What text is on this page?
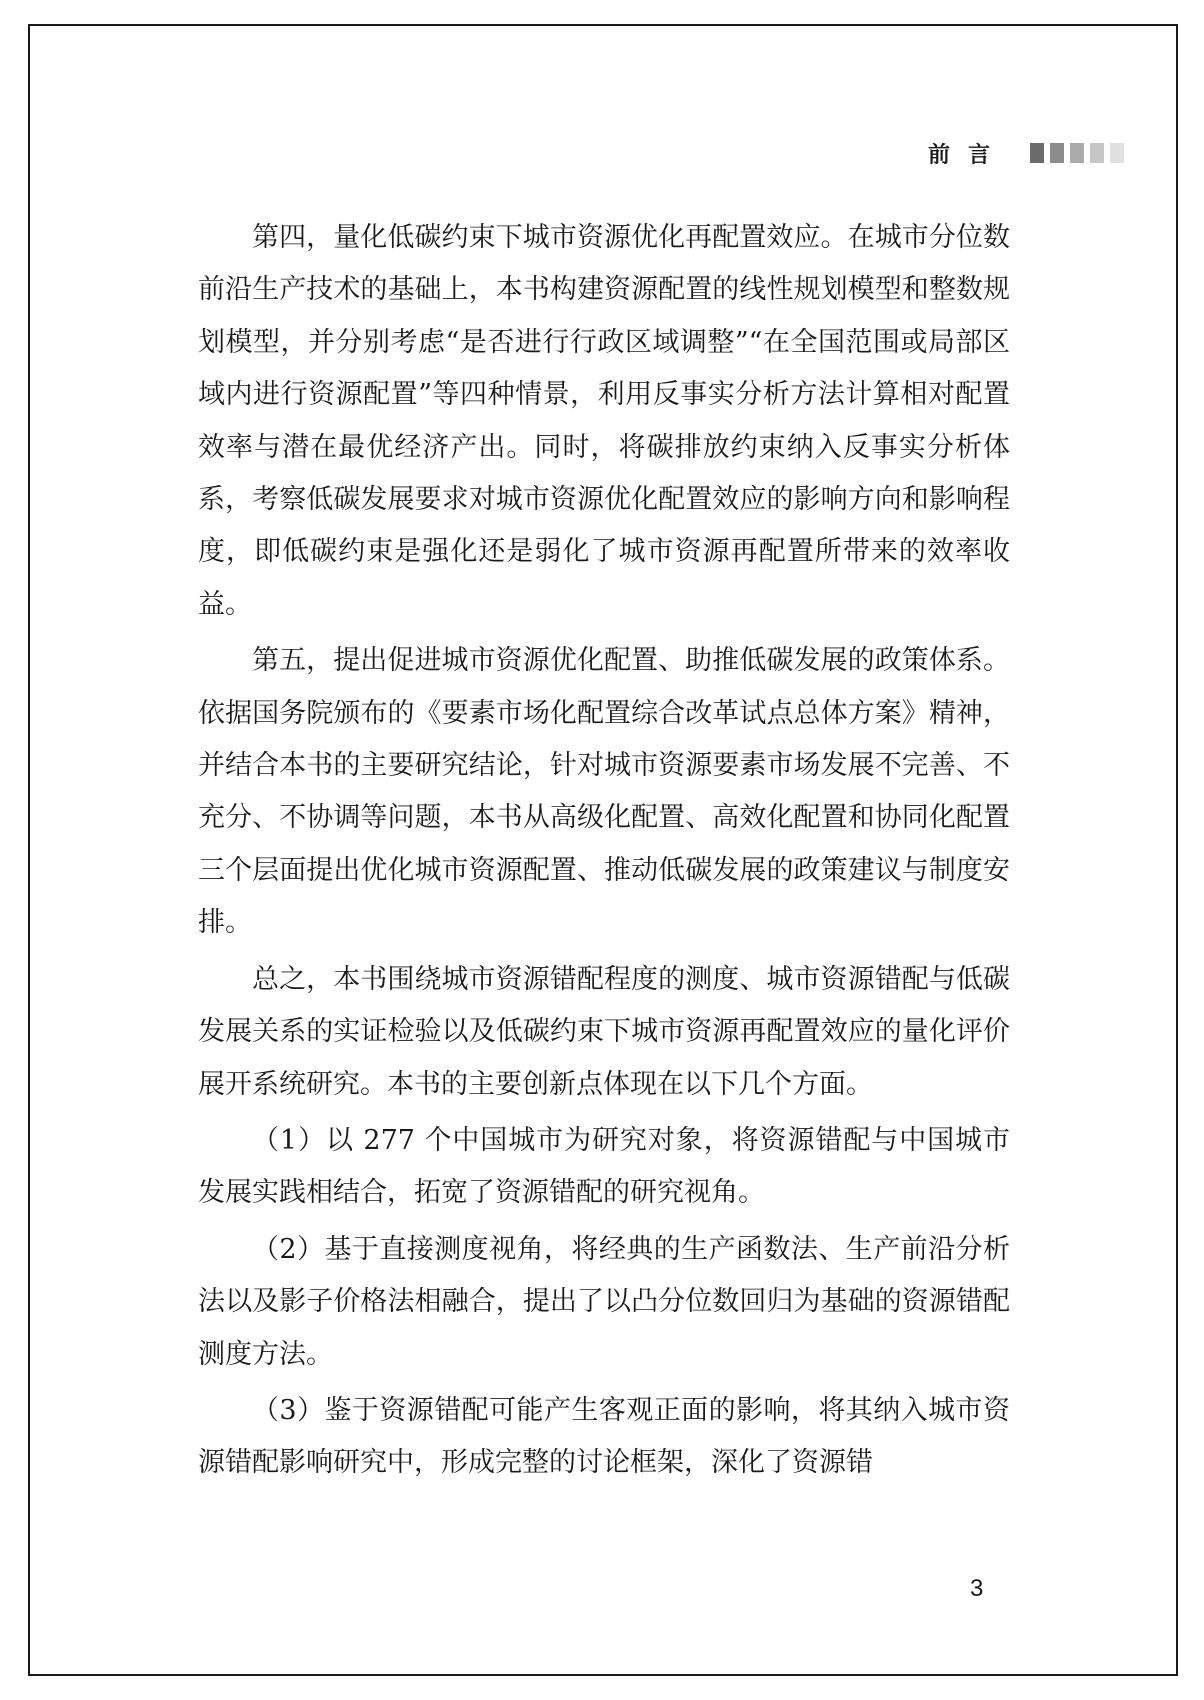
前言

第四，量化低碳约束下城市资源优化再配置效应。在城市分位数前沿生产技术的基础上，本书构建资源配置的线性规划模型和整数规划模型，并分别考虑“是否进行行政区域调整”“在全国范围或局部区域内进行资源配置”等四种情景，利用反事实分析方法计算相对配置效率与潜在最优经济产出。同时，将碳排放约束纳入反事实分析体系，考察低碳发展要求对城市资源优化配置效应的影响方向和影响程度，即低碳约束是强化还是弱化了城市资源再配置所带来的效率收益。

第五，提出促进城市资源优化配置、助推低碳发展的政策体系。依据国务院颁布的《要素市场化配置综合改革试点总体方案》精神，并结合本书的主要研究结论，针对城市资源要素市场发展不完善、不充分、不协调等问题，本书从高级化配置、高效化配置和协同化配置三个层面提出优化城市资源配置、推动低碳发展的政策建议与制度安排。

总之，本书围绕城市资源错配程度的测度、城市资源错配与低碳发展关系的实证检验以及低碳约束下城市资源再配置效应的量化评价展开系统研究。本书的主要创新点体现在以下几个方面。

（1）以 277 个中国城市为研究对象，将资源错配与中国城市发展实践相结合，拓宽了资源错配的研究视角。

（2）基于直接测度视角，将经典的生产函数法、生产前沿分析法以及影子价格法相融合，提出了以凸分位数回归为基础的资源错配测度方法。

（3）鉴于资源错配可能产生客观正面的影响，将其纳入城市资源错配影响研究中，形成完整的讨论框架，深化了资源错

3
